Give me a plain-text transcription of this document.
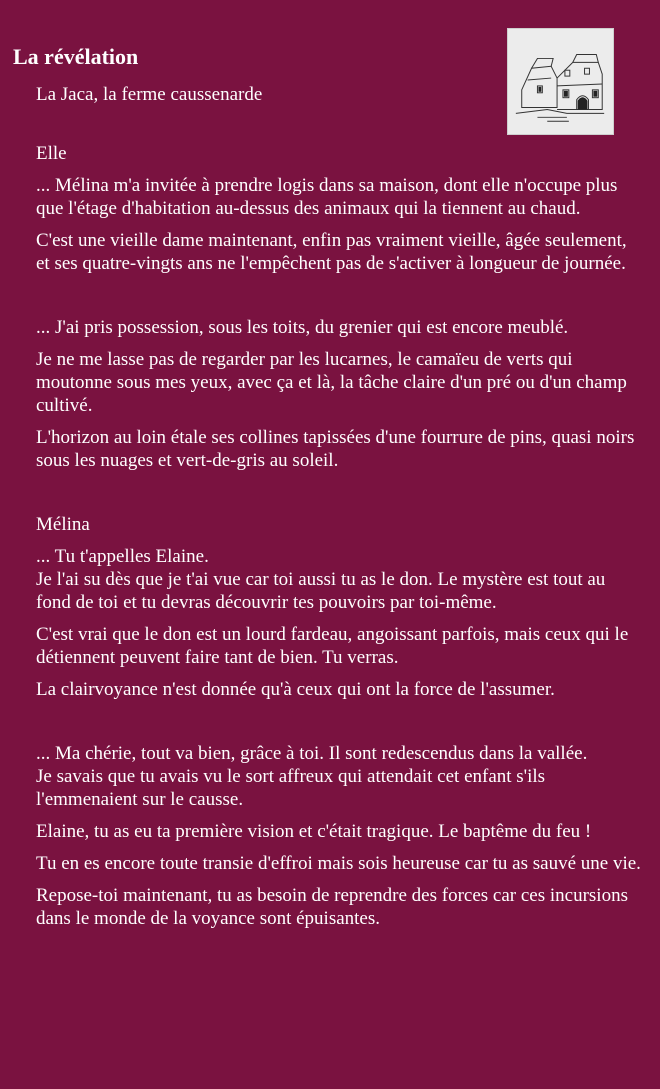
La révélation

La Jaca, la ferme caussenarde

Elle

... Mélina m'a invitée à prendre logis dans sa maison, dont elle n'occupe plus que l'étage d'habitation au-dessus des animaux qui la tiennent au chaud.

C'est une vieille dame maintenant, enfin pas vraiment vieille, âgée seulement, et ses quatre-vingts ans ne l'empêchent pas de s'activer à longueur de journée.

... J'ai pris possession, sous les toits, du grenier qui est encore meublé.

Je ne me lasse pas de regarder par les lucarnes, le camaïeu de verts qui moutonne sous mes yeux, avec ça et là, la tâche claire d'un pré ou d'un champ cultivé.

L'horizon au loin étale ses collines tapissées d'une fourrure de pins, quasi noirs sous les nuages et vert-de-gris au soleil.

Mélina

... Tu t'appelles Elaine.

Je l'ai su dès que je t'ai vue car toi aussi tu as le don. Le mystère est tout au fond de toi et tu devras découvrir tes pouvoirs par toi-même.

C'est vrai que le don est un lourd fardeau, angoissant parfois, mais ceux qui le détiennent peuvent faire tant de bien. Tu verras.

La clairvoyance n'est donnée qu'à ceux qui ont la force de l'assumer.

... Ma chérie, tout va bien, grâce à toi. Il sont redescendus dans la vallée.

Je savais que tu avais vu le sort affreux qui attendait cet enfant s'ils l'emmenaient sur le causse.

Elaine, tu as eu ta première vision et c'était tragique. Le baptême du feu !

Tu en es encore toute transie d'effroi mais sois heureuse car tu as sauvé une vie.

Repose-toi maintenant, tu as besoin de reprendre des forces car ces incursions dans le monde de la voyance sont épuisantes.
